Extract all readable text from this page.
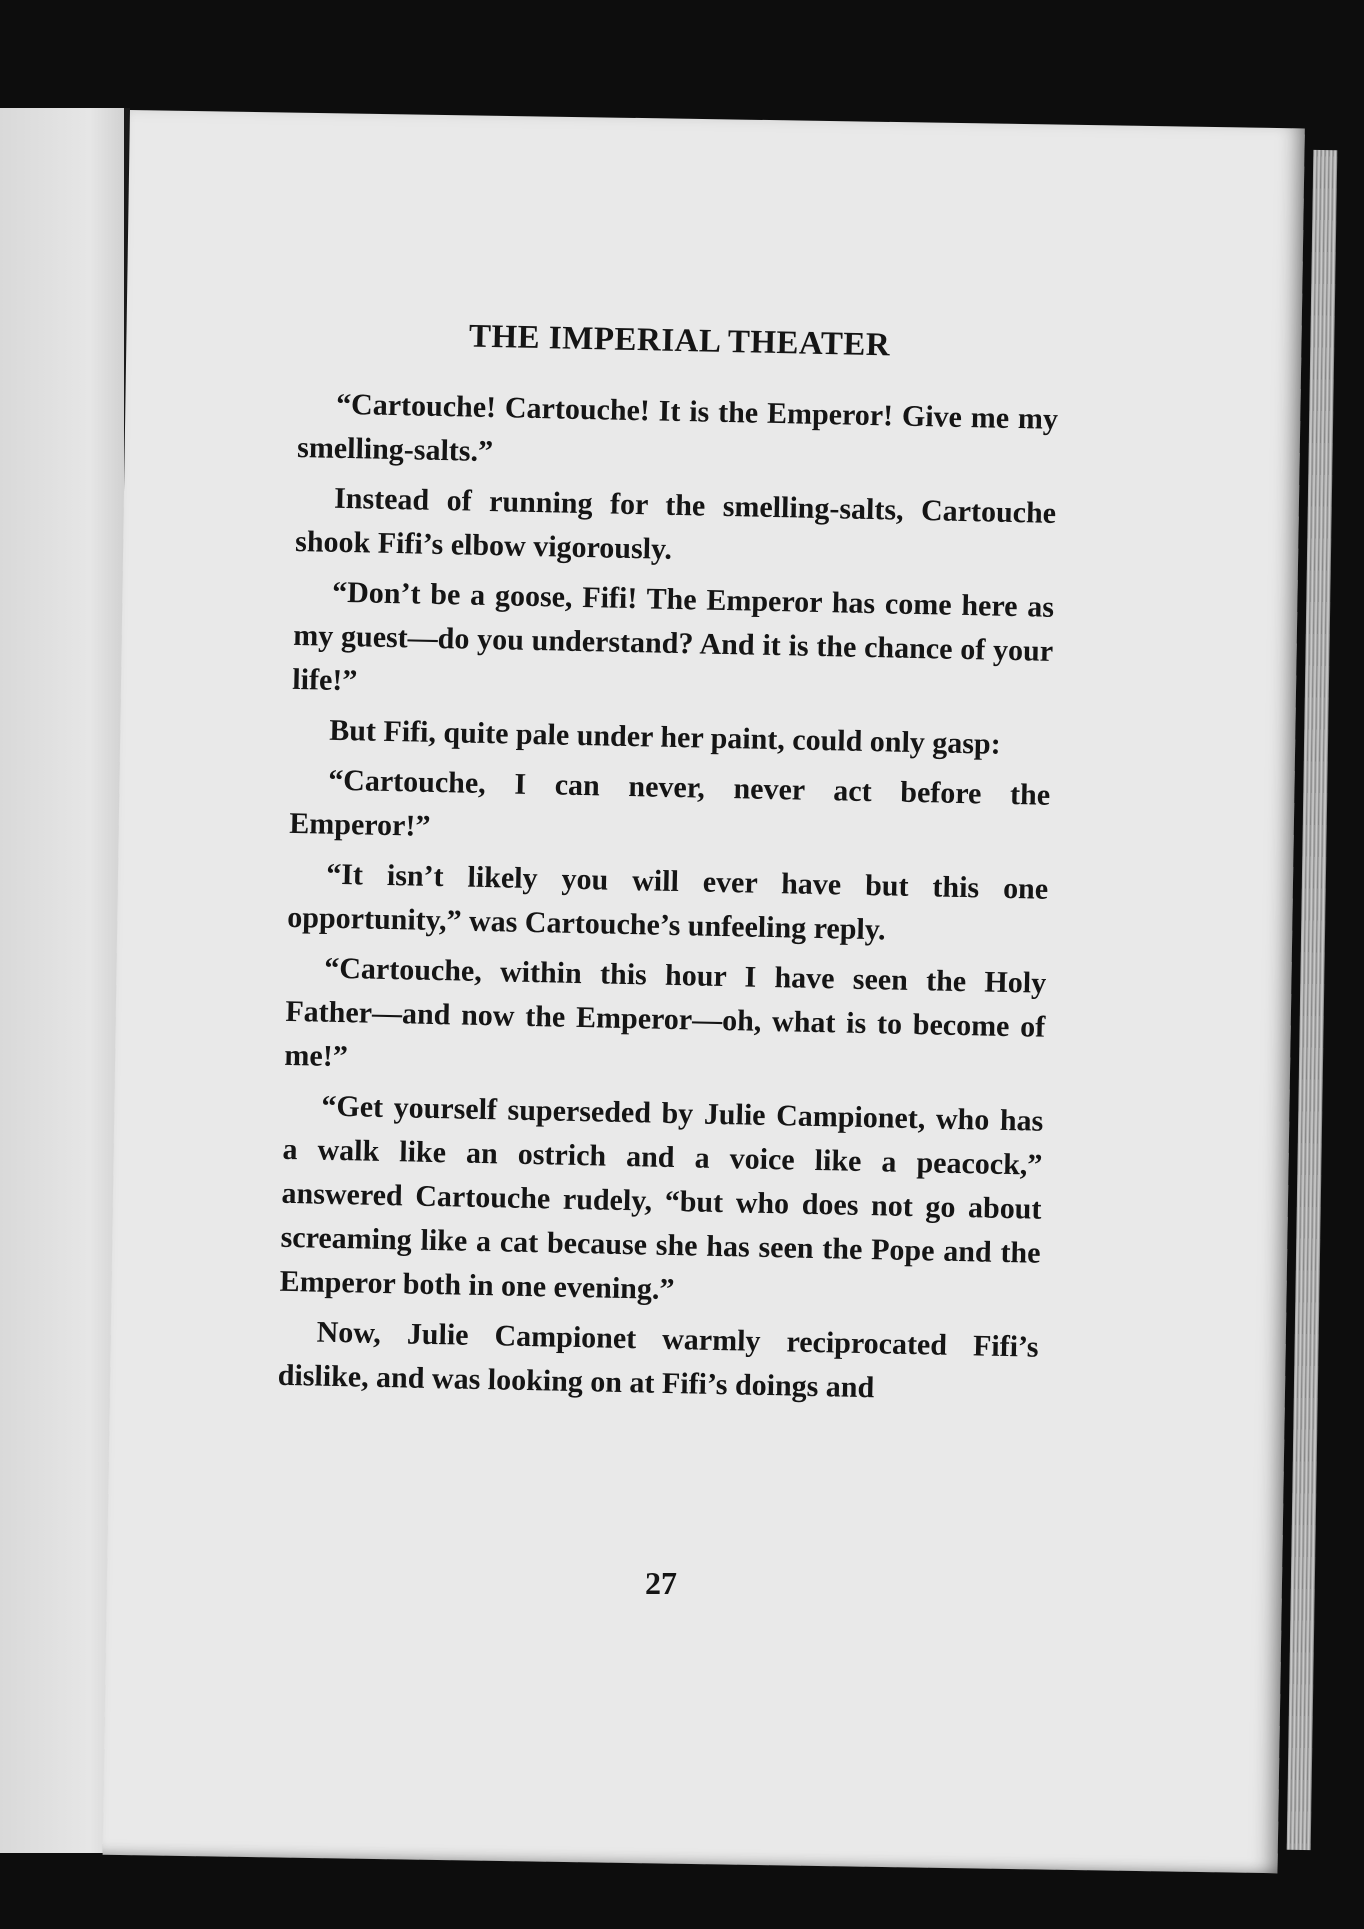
THE IMPERIAL THEATER

“Cartouche! Cartouche! It is the Emperor! Give me my smelling-salts.”

Instead of running for the smelling-salts, Cartouche shook Fifi’s elbow vigorously.

“Don’t be a goose, Fifi! The Emperor has come here as my guest—do you understand? And it is the chance of your life!”

But Fifi, quite pale under her paint, could only gasp:

“Cartouche, I can never, never act before the Emperor!”

“It isn’t likely you will ever have but this one opportunity,” was Cartouche’s unfeeling reply.

“Cartouche, within this hour I have seen the Holy Father—and now the Emperor—oh, what is to become of me!”

“Get yourself superseded by Julie Campionet, who has a walk like an ostrich and a voice like a peacock,” answered Cartouche rudely, “but who does not go about screaming like a cat because she has seen the Pope and the Emperor both in one evening.”

Now, Julie Campionet warmly reciprocated Fifi’s dislike, and was looking on at Fifi’s doings and

27
